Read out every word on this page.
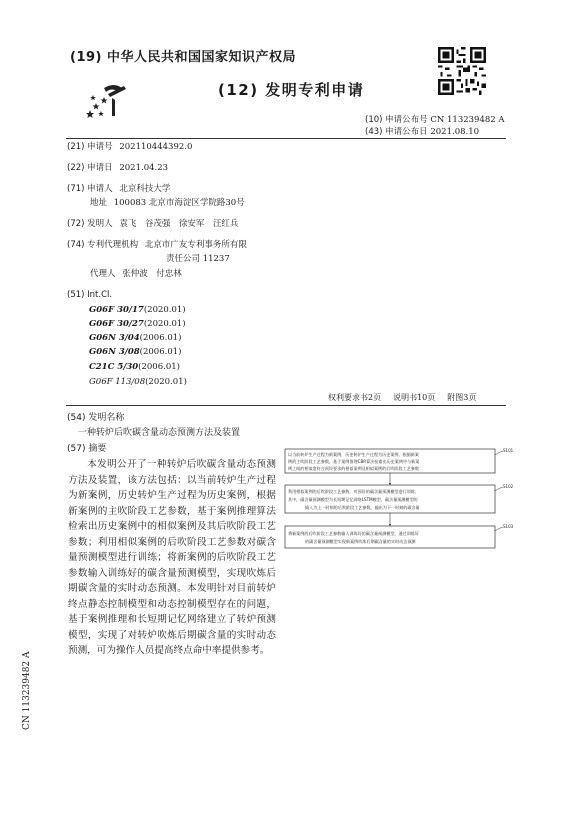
(19) 中华人民共和国国家知识产权局
(12) 发明专利申请
(10) 申请公布号 CN 113239482 A
(43) 申请公布日 2021.08.10
(21) 申请号 202110444392.0
(22) 申请日 2021.04.23
(71) 申请人 北京科技大学
地址 100083 北京市海淀区学院路30号
(72) 发明人 袁飞　谷茂强　徐安军　汪红兵
(74) 专利代理机构 北京市广友专利事务所有限
责任公司 11237
代理人 张仲波　付忠林
(51) Int.Cl.
G06F 30/17(2020.01)
G06F 30/27(2020.01)
G06N 3/04(2006.01)
G06N 3/08(2006.01)
C21C 5/30(2006.01)
G06F 113/08(2020.01)
权利要求书2页 说明书10页 附图3页
(54) 发明名称
一种转炉后吹碳含量动态预测方法及装置
(57) 摘要

本发明公开了一种转炉后吹碳含量动态预测方法及装置，该方法包括：以当前转炉生产过程为新案例，历史转炉生产过程为历史案例，根据新案例的主吹阶段工艺参数，基于案例推理算法检索出历史案例中的相似案例及其后吹阶段工艺参数；利用相似案例的后吹阶段工艺参数对碳含量预测模型进行训练；将新案例的后吹阶段工艺参数输入训练好的碳含量预测模型，实现吹炼后期碳含量的实时动态预测。本发明针对目前转炉终点静态控制模型和动态控制模型存在的问题，基于案例推理和长短期记忆网络建立了转炉预测模型，实现了对转炉吹炼后期碳含量的实时动态预测，可为操作人员提高终点命中率提供参考。

以当前转炉生产过程为新案例，历史转炉生产过程为历史案例，根据新案
例的主吹阶段工艺参数，基于案例推理CBR算法检索出历史案例中与新案
例之间的相似度符合预设要求的相似案例及相似案例的后吹阶段工艺参数
S101
利用相似案例的后吹阶段工艺参数，对预设的碳含量预测模型进行训练；
其中，碳含量预测模型为长短期记忆网络LSTM模型，碳含量预测模型的
输入为上一时刻的后吹阶段工艺参数，输出为下一时刻的碳含量
S102
将新案例的后吹阶段工艺参数输入训练好的碳含量预测模型，通过训练好
的碳含量预测模型实现新案例吹炼后期碳含量的实时动态预测
S103
CN 113239482 A
